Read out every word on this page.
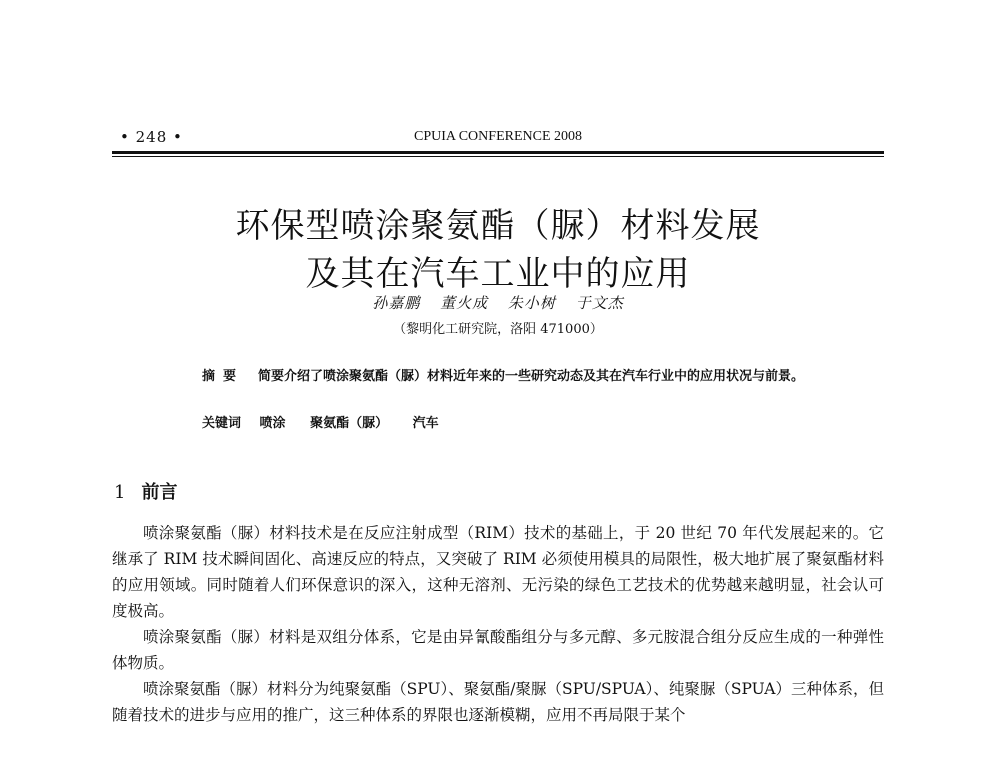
• 248 •	CPUIA CONFERENCE 2008
环保型喷涂聚氨酯（脲）材料发展
及其在汽车工业中的应用
孙嘉鹏 董火成 朱小树 于文杰
（黎明化工研究院，洛阳 471000）
摘要 简要介绍了喷涂聚氨酯（脲）材料近年来的一些研究动态及其在汽车行业中的应用状况与前景。
关键词 喷涂 聚氨酯（脲） 汽车
1 前言

喷涂聚氨酯（脲）材料技术是在反应注射成型（RIM）技术的基础上，于 20 世纪 70 年代发展起来的。它继承了 RIM 技术瞬间固化、高速反应的特点，又突破了 RIM 必须使用模具的局限性，极大地扩展了聚氨酯材料的应用领域。同时随着人们环保意识的深入，这种无溶剂、无污染的绿色工艺技术的优势越来越明显，社会认可度极高。

喷涂聚氨酯（脲）材料是双组分体系，它是由异氰酸酯组分与多元醇、多元胺混合组分反应生成的一种弹性体物质。

喷涂聚氨酯（脲）材料分为纯聚氨酯（SPU）、聚氨酯/聚脲（SPU/SPUA）、纯聚脲（SPUA）三种体系，但随着技术的进步与应用的推广，这三种体系的界限也逐渐模糊，应用不再局限于某个
